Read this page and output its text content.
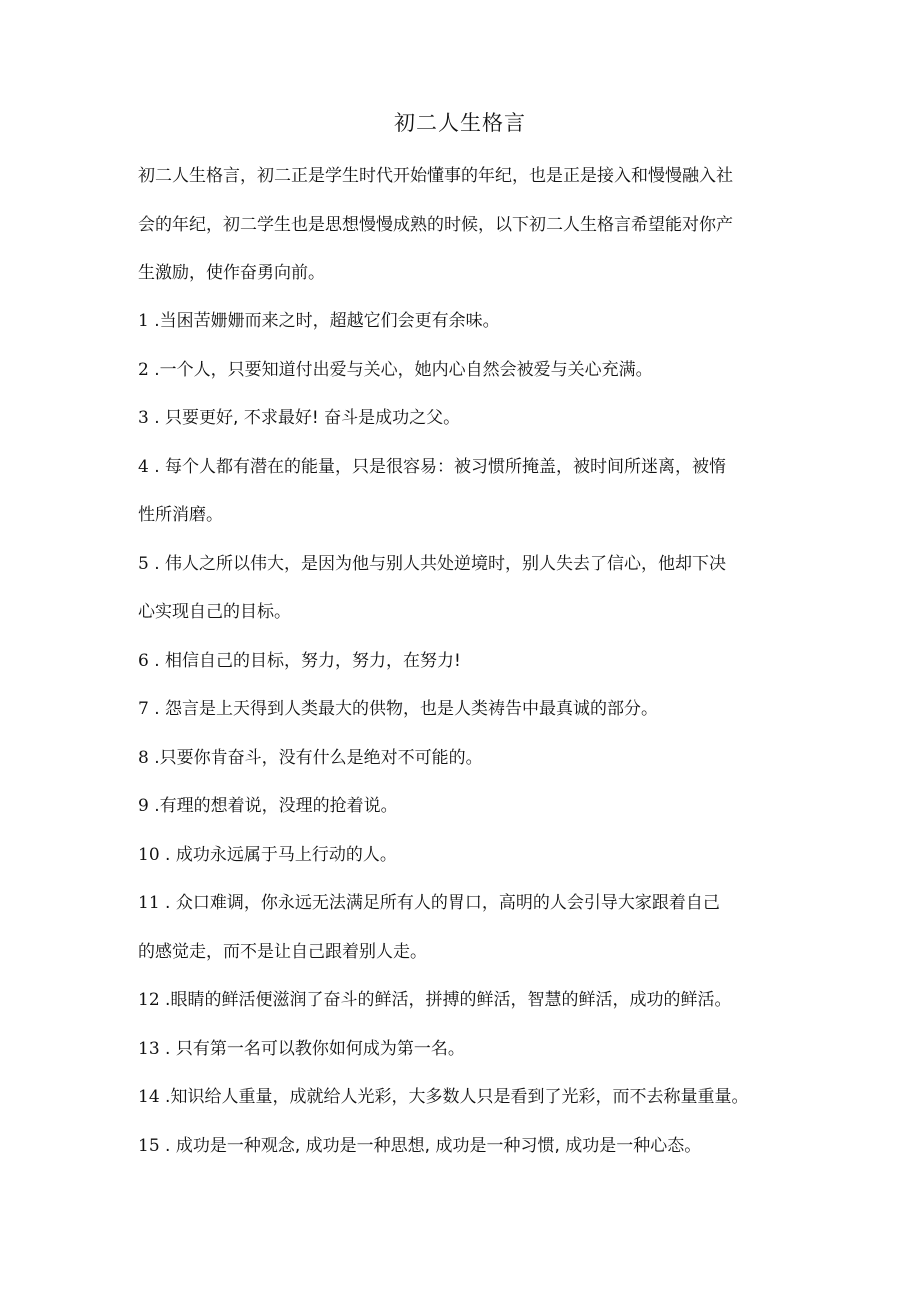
初二人生格言
初二人生格言，初二正是学生时代开始懂事的年纪，也是正是接入和慢慢融入社
会的年纪，初二学生也是思想慢慢成熟的时候，以下初二人生格言希望能对你产
生激励，使作奋勇向前。
1 .当困苦姗姗而来之时，超越它们会更有余味。
2 .一个人，只要知道付出爱与关心，她内心自然会被爱与关心充满。
3 . 只要更好, 不求最好! 奋斗是成功之父。
4 . 每个人都有潜在的能量，只是很容易：被习惯所掩盖，被时间所迷离，被惰
性所消磨。
5 . 伟人之所以伟大，是因为他与别人共处逆境时，别人失去了信心，他却下决
心实现自己的目标。
6 . 相信自己的目标，努力，努力，在努力!
7 . 怨言是上天得到人类最大的供物，也是人类祷告中最真诚的部分。
8 .只要你肯奋斗，没有什么是绝对不可能的。
9 .有理的想着说，没理的抢着说。
10 . 成功永远属于马上行动的人。
11 . 众口难调，你永远无法满足所有人的胃口，高明的人会引导大家跟着自己
的感觉走，而不是让自己跟着别人走。
12 .眼睛的鲜活便滋润了奋斗的鲜活，拼搏的鲜活，智慧的鲜活，成功的鲜活。
13 . 只有第一名可以教你如何成为第一名。
14 .知识给人重量，成就给人光彩，大多数人只是看到了光彩，而不去称量重量。
15 . 成功是一种观念, 成功是一种思想, 成功是一种习惯, 成功是一种心态。
